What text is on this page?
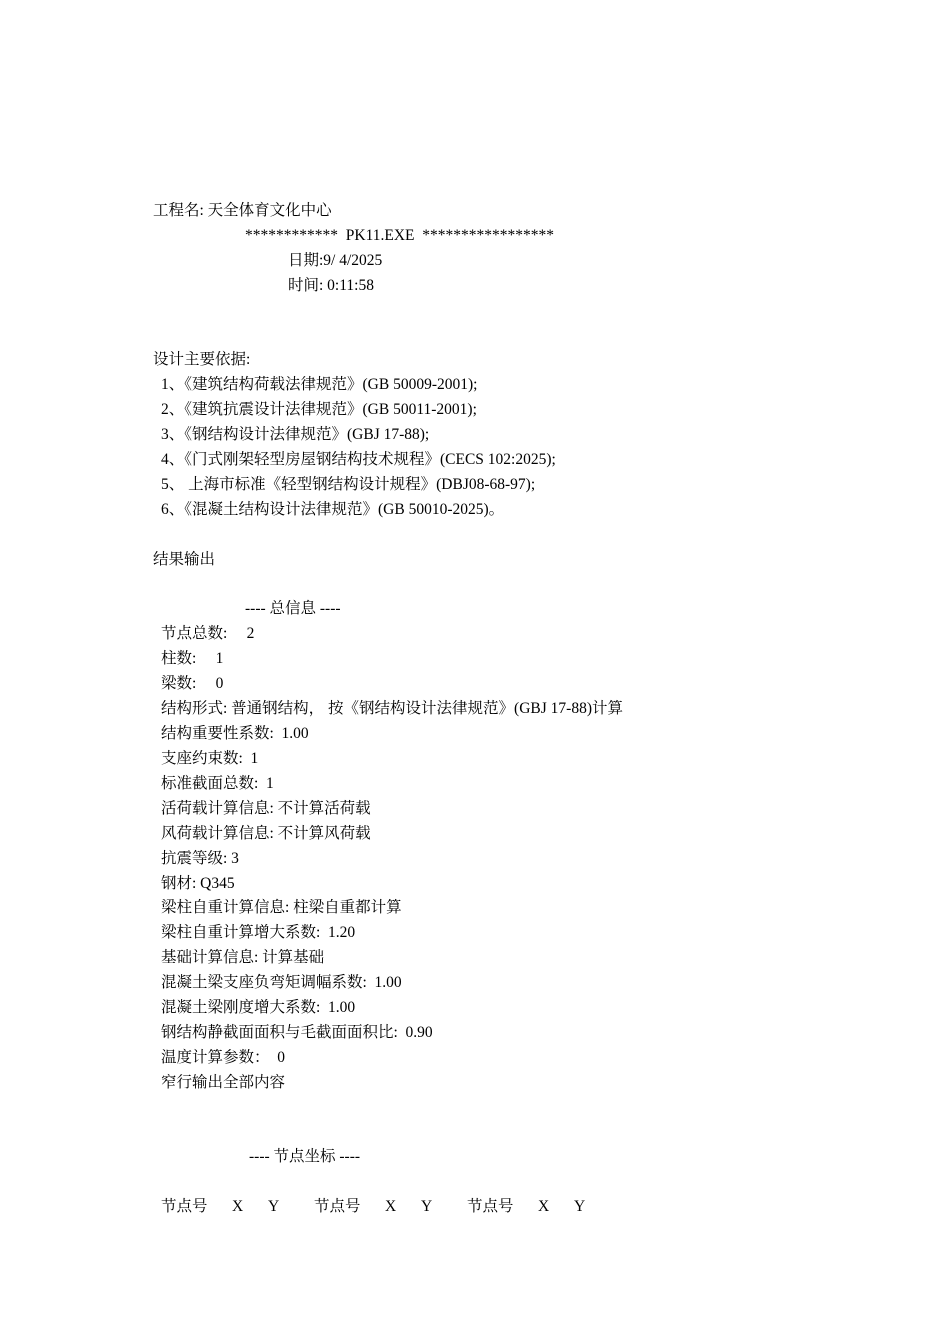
工程名: 天全体育文化中心
************  PK11.EXE  *****************
日期:9/ 4/2025
时间: 0:11:58
设计主要依据:
1、《建筑结构荷载法律规范》(GB 50009-2001);
2、《建筑抗震设计法律规范》(GB 50011-2001);
3、《钢结构设计法律规范》(GBJ 17-88);
4、《门式刚架轻型房屋钢结构技术规程》(CECS 102:2025);
5、 上海市标准《轻型钢结构设计规程》(DBJ08-68-97);
6、《混凝土结构设计法律规范》(GB 50010-2025)。
结果输出
---- 总信息 ----
节点总数:     2
柱数:     1
梁数:     0
结构形式: 普通钢结构， 按《钢结构设计法律规范》(GBJ 17-88)计算
结构重要性系数:  1.00
支座约束数:  1
标准截面总数:  1
活荷载计算信息: 不计算活荷载
风荷载计算信息: 不计算风荷载
抗震等级: 3
钢材: Q345
梁柱自重计算信息: 柱梁自重都计算
梁柱自重计算增大系数:  1.20
基础计算信息: 计算基础
混凝土梁支座负弯矩调幅系数:  1.00
混凝土梁刚度增大系数:  1.00
钢结构静截面面积与毛截面面积比:  0.90
温度计算参数：  0
窄行输出全部内容
---- 节点坐标 ----
节点号 X Y 节点号 X Y 节点号 X Y
